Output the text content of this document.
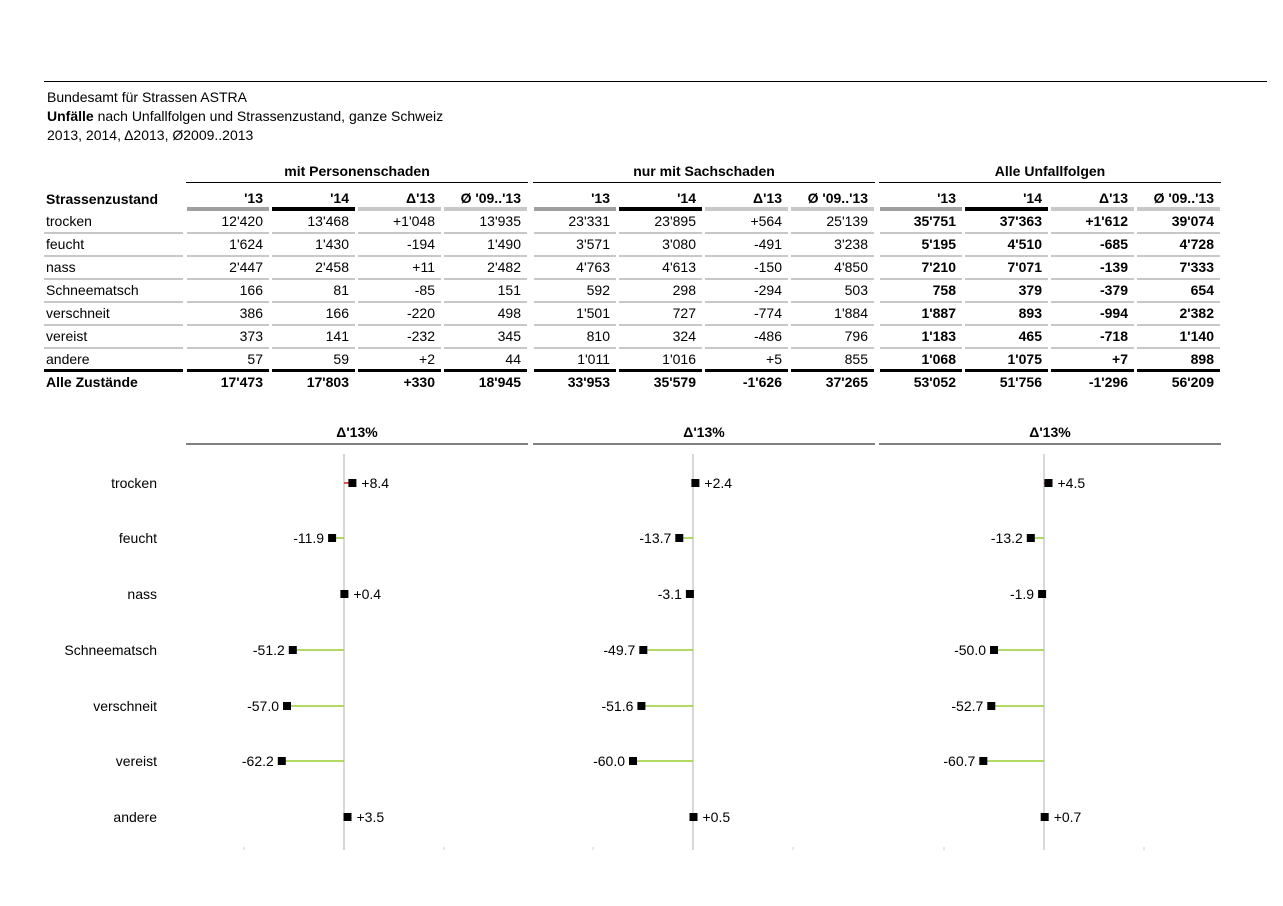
Bundesamt für Strassen ASTRA
Unfälle nach Unfallfolgen und Strassenzustand, ganze Schweiz
2013, 2014, Δ2013, Ø2009..2013
mit Personenschaden	nur mit Sachschaden	Alle Unfallfolgen
Strassenzustand	'13	'14	Δ'13	Ø '09..'13	'13	'14	Δ'13	Ø '09..'13	'13	'14	Δ'13	Ø '09..'13
trocken	12'420	13'468	+1'048	13'935	23'331	23'895	+564	25'139	35'751	37'363	+1'612	39'074
feucht	1'624	1'430	-194	1'490	3'571	3'080	-491	3'238	5'195	4'510	-685	4'728
nass	2'447	2'458	+11	2'482	4'763	4'613	-150	4'850	7'210	7'071	-139	7'333
Schneematsch	166	81	-85	151	592	298	-294	503	758	379	-379	654
verschneit	386	166	-220	498	1'501	727	-774	1'884	1'887	893	-994	2'382
vereist	373	141	-232	345	810	324	-486	796	1'183	465	-718	1'140
andere	57	59	+2	44	1'011	1'016	+5	855	1'068	1'075	+7	898
Alle Zustände	17'473	17'803	+330	18'945	33'953	35'579	-1'626	37'265	53'052	51'756	-1'296	56'209
trocken
feucht
nass
Schneematsch
verschneit
vereist
andere
Δ'13%
+8.4
-11.9
+0.4
-51.2
-57.0
-62.2
+3.5
Δ'13%
+2.4
-13.7
-3.1
-49.7
-51.6
-60.0
+0.5
Δ'13%
+4.5
-13.2
-1.9
-50.0
-52.7
-60.7
+0.7
